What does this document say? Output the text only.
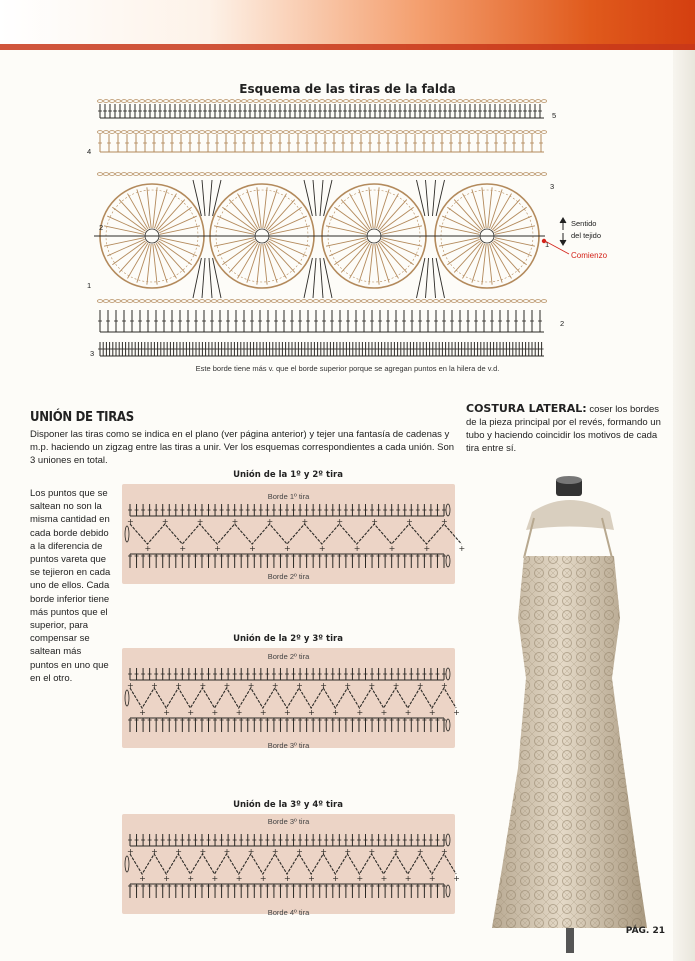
Esquema de las tiras de la falda
4
2
1
3
5
3
1
2
Sentido
del tejido
Comienzo
Este borde tiene más v. que el borde superior porque se agregan puntos en la hilera de v.d.
UNIÓN DE TIRAS
Disponer las tiras como se indica en el plano (ver página anterior) y tejer una fantasía de cadenas y m.p. haciendo un zigzag entre las tiras a unir. Ver los esquemas correspondientes a cada unión. Son 3 uniones en total.
Los puntos que se saltean no son la misma cantidad en cada borde debido a la diferencia de puntos vareta que se tejieron en cada uno de ellos. Cada borde inferior tiene más puntos que el superior, para compensar se saltean más puntos en uno que en el otro.
Unión de la 1º y 2º tira
Borde 1º tira
+
+
+
+
+
+
+
+
+
+
+
+
+
+
+
+
+
+
+
+
Borde 2º tira
Unión de la 2º y 3º tira
Borde 2º tira
+
+
+
+
+
+
+
+
+
+
+
+
+
+
+
+
+
+
+
+
+
+
+
+
+
+
+
+
Borde 3º tira
Unión de la 3º y 4º tira
Borde 3º tira
+
+
+
+
+
+
+
+
+
+
+
+
+
+
+
+
+
+
+
+
+
+
+
+
+
+
+
+
Borde 4º tira
COSTURA LATERAL: coser los bordes de la pieza principal por el revés, formando un tubo y haciendo coincidir los motivos de cada tira entre sí.
PÁG. 21
